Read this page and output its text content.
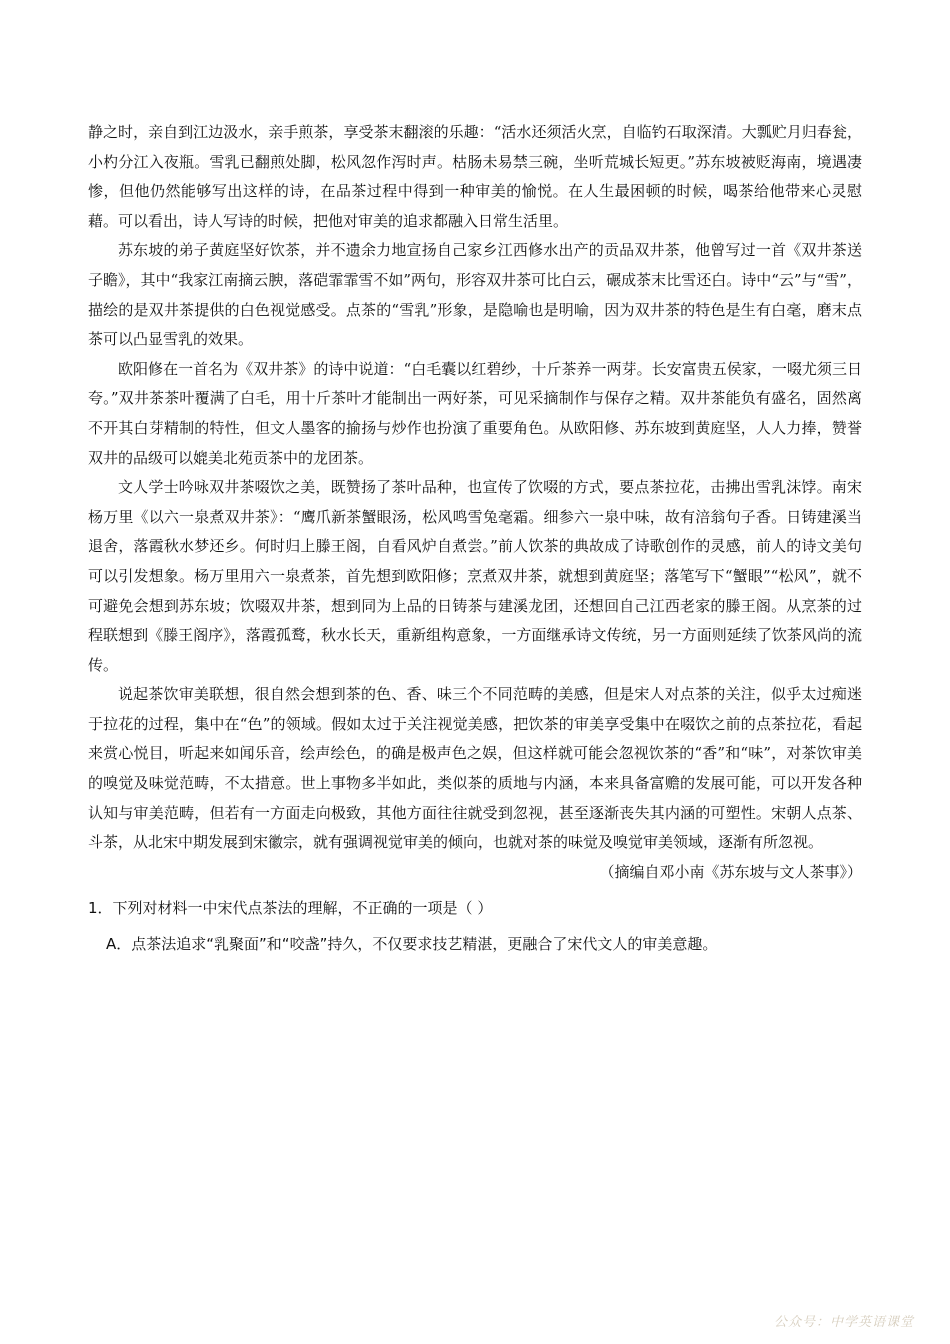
静之时，亲自到江边汲水，亲手煎茶，享受茶末翻滚的乐趣：“活水还须活火烹，自临钓石取深清。大瓢贮月归春瓮，小杓分江入夜瓶。雪乳已翻煎处脚，松风忽作泻时声。枯肠未易禁三碗，坐听荒城长短更。”苏东坡被贬海南，境遇凄惨，但他仍然能够写出这样的诗，在品茶过程中得到一种审美的愉悦。在人生最困顿的时候，喝茶给他带来心灵慰藉。可以看出，诗人写诗的时候，把他对审美的追求都融入日常生活里。

苏东坡的弟子黄庭坚好饮茶，并不遗余力地宣扬自己家乡江西修水出产的贡品双井茶，他曾写过一首《双井茶送子瞻》，其中“我家江南摘云腴，落硙霏霏雪不如”两句，形容双井茶可比白云，碾成茶末比雪还白。诗中“云”与“雪”，描绘的是双井茶提供的白色视觉感受。点茶的“雪乳”形象，是隐喻也是明喻，因为双井茶的特色是生有白毫，磨末点茶可以凸显雪乳的效果。

欧阳修在一首名为《双井茶》的诗中说道：“白毛囊以红碧纱，十斤茶养一两芽。长安富贵五侯家，一啜尤须三日夸。”双井茶茶叶覆满了白毛，用十斤茶叶才能制出一两好茶，可见采摘制作与保存之精。双井茶能负有盛名，固然离不开其白芽精制的特性，但文人墨客的揄扬与炒作也扮演了重要角色。从欧阳修、苏东坡到黄庭坚，人人力捧，赞誉双井的品级可以媲美北苑贡茶中的龙团茶。

文人学士吟咏双井茶啜饮之美，既赞扬了茶叶品种，也宣传了饮啜的方式，要点茶拉花，击拂出雪乳沫饽。南宋杨万里《以六一泉煮双井茶》：“鹰爪新茶蟹眼汤，松风鸣雪兔毫霜。细参六一泉中味，故有涪翁句子香。日铸建溪当退舍，落霞秋水梦还乡。何时归上滕王阁，自看风炉自煮尝。”前人饮茶的典故成了诗歌创作的灵感，前人的诗文美句可以引发想象。杨万里用六一泉煮茶，首先想到欧阳修；烹煮双井茶，就想到黄庭坚；落笔写下“蟹眼”“松风”，就不可避免会想到苏东坡；饮啜双井茶，想到同为上品的日铸茶与建溪龙团，还想回自己江西老家的滕王阁。从烹茶的过程联想到《滕王阁序》，落霞孤鹜，秋水长天，重新组构意象，一方面继承诗文传统，另一方面则延续了饮茶风尚的流传。

说起茶饮审美联想，很自然会想到茶的色、香、味三个不同范畴的美感，但是宋人对点茶的关注，似乎太过痴迷于拉花的过程，集中在“色”的领域。假如太过于关注视觉美感，把饮茶的审美享受集中在啜饮之前的点茶拉花，看起来赏心悦目，听起来如闻乐音，绘声绘色，的确是极声色之娱，但这样就可能会忽视饮茶的“香”和“味”，对茶饮审美的嗅觉及味觉范畴，不太措意。世上事物多半如此，类似茶的质地与内涵，本来具备富赡的发展可能，可以开发各种认知与审美范畴，但若有一方面走向极致，其他方面往往就受到忽视，甚至逐渐丧失其内涵的可塑性。宋朝人点茶、斗茶，从北宋中期发展到宋徽宗，就有强调视觉审美的倾向，也就对茶的味觉及嗅觉审美领域，逐渐有所忽视。

（摘编自邓小南《苏东坡与文人茶事》）

1．下列对材料一中宋代点茶法的理解，不正确的一项是（ ）

A．点茶法追求“乳聚面”和“咬盏”持久，不仅要求技艺精湛，更融合了宋代文人的审美意趣。

公众号：中学英语课堂
